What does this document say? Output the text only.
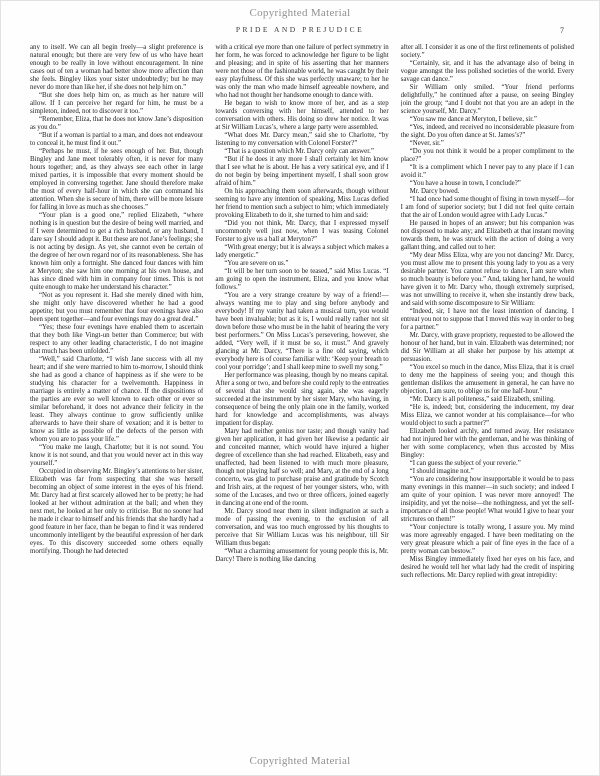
Copyrighted Material
PRIDE AND PREJUDICE	7

any to itself. We can all begin freely—a slight preference is natural enough; but there are very few of us who have heart enough to be really in love without encouragement. In nine cases out of ten a woman had better show more affection than she feels. Bingley likes your sister undoubtedly; but he may never do more than like her, if she does not help him on.”

“But she does help him on, as much as her nature will allow. If I can perceive her regard for him, he must be a simpleton, indeed, not to discover it too.”

“Remember, Eliza, that he does not know Jane’s disposition as you do.”

“But if a woman is partial to a man, and does not endeavour to conceal it, he must find it out.”

“Perhaps he must, if he sees enough of her. But, though Bingley and Jane meet tolerably often, it is never for many hours together; and, as they always see each other in large mixed parties, it is impossible that every moment should be employed in conversing together. Jane should therefore make the most of every half-hour in which she can command his attention. When she is secure of him, there will be more leisure for falling in love as much as she chooses.”

“Your plan is a good one,” replied Elizabeth, “where nothing is in question but the desire of being well married, and if I were determined to get a rich husband, or any husband, I dare say I should adopt it. But these are not Jane’s feelings; she is not acting by design. As yet, she cannot even be certain of the degree of her own regard nor of its reasonableness. She has known him only a fortnight. She danced four dances with him at Meryton; she saw him one morning at his own house, and has since dined with him in company four times. This is not quite enough to make her understand his character.”

“Not as you represent it. Had she merely dined with him, she might only have discovered whether he had a good appetite; but you must remember that four evenings have also been spent together—and four evenings may do a great deal.”

“Yes; these four evenings have enabled them to ascertain that they both like Vingt-un better than Commerce; but with respect to any other leading characteristic, I do not imagine that much has been unfolded.”

“Well,” said Charlotte, “I wish Jane success with all my heart; and if she were married to him to-morrow, I should think she had as good a chance of happiness as if she were to be studying his character for a twelvemonth. Happiness in marriage is entirely a matter of chance. If the dispositions of the parties are ever so well known to each other or ever so similar beforehand, it does not advance their felicity in the least. They always continue to grow sufficiently unlike afterwards to have their share of vexation; and it is better to know as little as possible of the defects of the person with whom you are to pass your life.”

“You make me laugh, Charlotte; but it is not sound. You know it is not sound, and that you would never act in this way yourself.”

Occupied in observing Mr. Bingley’s attentions to her sister, Elizabeth was far from suspecting that she was herself becoming an object of some interest in the eyes of his friend. Mr. Darcy had at first scarcely allowed her to be pretty; he had looked at her without admiration at the ball; and when they next met, he looked at her only to criticise. But no sooner had he made it clear to himself and his friends that she hardly had a good feature in her face, than he began to find it was rendered uncommonly intelligent by the beautiful expression of her dark eyes. To this discovery succeeded some others equally mortifying. Though he had detected

with a critical eye more than one failure of perfect symmetry in her form, he was forced to acknowledge her figure to be light and pleasing; and in spite of his asserting that her manners were not those of the fashionable world, he was caught by their easy playfulness. Of this she was perfectly unaware; to her he was only the man who made himself agreeable nowhere, and who had not thought her handsome enough to dance with.

He began to wish to know more of her, and as a step towards conversing with her himself, attended to her conversation with others. His doing so drew her notice. It was at Sir William Lucas’s, where a large party were assembled.

“What does Mr. Darcy mean,” said she to Charlotte, “by listening to my conversation with Colonel Forster?”

“That is a question which Mr. Darcy only can answer.”

“But if he does it any more I shall certainly let him know that I see what he is about. He has a very satirical eye, and if I do not begin by being impertinent myself, I shall soon grow afraid of him.”

On his approaching them soon afterwards, though without seeming to have any intention of speaking, Miss Lucas defied her friend to mention such a subject to him; which immediately provoking Elizabeth to do it, she turned to him and said:

“Did you not think, Mr. Darcy, that I expressed myself uncommonly well just now, when I was teasing Colonel Forster to give us a ball at Meryton?”

“With great energy; but it is always a subject which makes a lady energetic.”

“You are severe on us.”

“It will be her turn soon to be teased,” said Miss Lucas. “I am going to open the instrument, Eliza, and you know what follows.”

“You are a very strange creature by way of a friend!—always wanting me to play and sing before anybody and everybody! If my vanity had taken a musical turn, you would have been invaluable; but as it is, I would really rather not sit down before those who must be in the habit of hearing the very best performers.” On Miss Lucas’s persevering, however, she added, “Very well, if it must be so, it must.” And gravely glancing at Mr. Darcy, “There is a fine old saying, which everybody here is of course familiar with: ‘Keep your breath to cool your porridge’; and I shall keep mine to swell my song.”

Her performance was pleasing, though by no means capital. After a song or two, and before she could reply to the entreaties of several that she would sing again, she was eagerly succeeded at the instrument by her sister Mary, who having, in consequence of being the only plain one in the family, worked hard for knowledge and accomplishments, was always impatient for display.

Mary had neither genius nor taste; and though vanity had given her application, it had given her likewise a pedantic air and conceited manner, which would have injured a higher degree of excellence than she had reached. Elizabeth, easy and unaffected, had been listened to with much more pleasure, though not playing half so well; and Mary, at the end of a long concerto, was glad to purchase praise and gratitude by Scotch and Irish airs, at the request of her younger sisters, who, with some of the Lucases, and two or three officers, joined eagerly in dancing at one end of the room.

Mr. Darcy stood near them in silent indignation at such a mode of passing the evening, to the exclusion of all conversation, and was too much engrossed by his thoughts to perceive that Sir William Lucas was his neighbour, till Sir William thus began:

“What a charming amusement for young people this is, Mr. Darcy! There is nothing like dancing

after all. I consider it as one of the first refinements of polished society.”

“Certainly, sir, and it has the advantage also of being in vogue amongst the less polished societies of the world. Every savage can dance.”

Sir William only smiled. “Your friend performs delightfully,” he continued after a pause, on seeing Bingley join the group; “and I doubt not that you are an adept in the science yourself, Mr. Darcy.”

“You saw me dance at Meryton, I believe, sir.”

“Yes, indeed, and received no inconsiderable pleasure from the sight. Do you often dance at St. James’s?”

“Never, sir.”

“Do you not think it would be a proper compliment to the place?”

“It is a compliment which I never pay to any place if I can avoid it.”

“You have a house in town, I conclude?”

Mr. Darcy bowed.

“I had once had some thought of fixing in town myself—for I am fond of superior society; but I did not feel quite certain that the air of London would agree with Lady Lucas.”

He paused in hopes of an answer; but his companion was not disposed to make any; and Elizabeth at that instant moving towards them, he was struck with the action of doing a very gallant thing, and called out to her:

“My dear Miss Eliza, why are you not dancing? Mr. Darcy, you must allow me to present this young lady to you as a very desirable partner. You cannot refuse to dance, I am sure when so much beauty is before you.” And, taking her hand, he would have given it to Mr. Darcy who, though extremely surprised, was not unwilling to receive it, when she instantly drew back, and said with some discomposure to Sir William:

“Indeed, sir, I have not the least intention of dancing. I entreat you not to suppose that I moved this way in order to beg for a partner.”

Mr. Darcy, with grave propriety, requested to be allowed the honour of her hand, but in vain. Elizabeth was determined; nor did Sir William at all shake her purpose by his attempt at persuasion.

“You excel so much in the dance, Miss Eliza, that it is cruel to deny me the happiness of seeing you; and though this gentleman dislikes the amusement in general, he can have no objection, I am sure, to oblige us for one half-hour.”

“Mr. Darcy is all politeness,” said Elizabeth, smiling.

“He is, indeed; but, considering the inducement, my dear Miss Eliza, we cannot wonder at his complaisance—for who would object to such a partner?”

Elizabeth looked archly, and turned away. Her resistance had not injured her with the gentleman, and he was thinking of her with some complacency, when thus accosted by Miss Bingley:

“I can guess the subject of your reverie.”

“I should imagine not.”

“You are considering how insupportable it would be to pass many evenings in this manner—in such society; and indeed I am quite of your opinion. I was never more annoyed! The insipidity, and yet the noise—the nothingness, and yet the self-importance of all those people! What would I give to hear your strictures on them!”

“Your conjecture is totally wrong, I assure you. My mind was more agreeably engaged. I have been meditating on the very great pleasure which a pair of fine eyes in the face of a pretty woman can bestow.”

Miss Bingley immediately fixed her eyes on his face, and desired he would tell her what lady had the credit of inspiring such reflections. Mr. Darcy replied with great intrepidity:

Copyrighted Material
